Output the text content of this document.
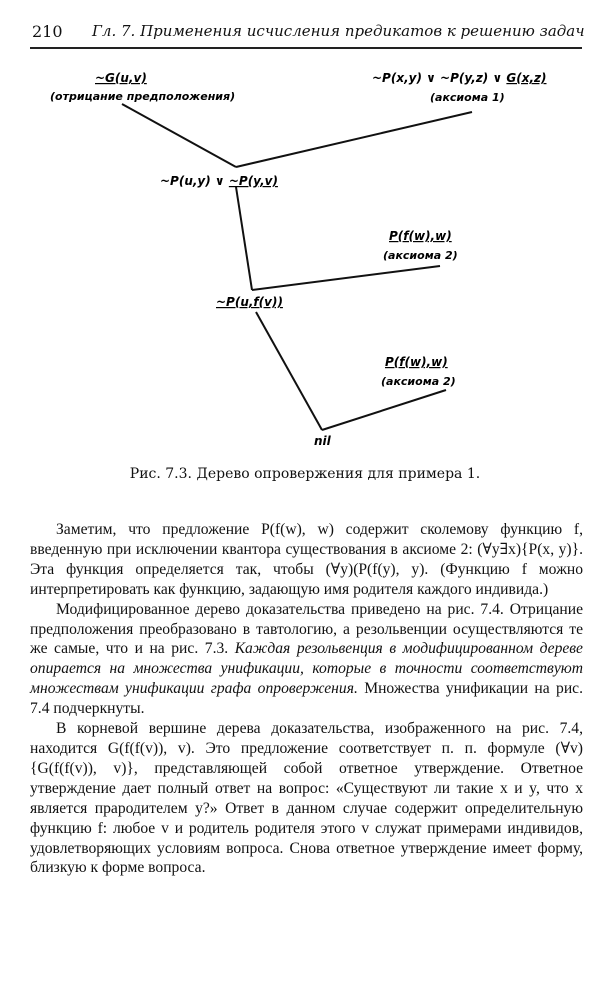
210 Гл. 7. Применения исчисления предикатов к решению задач
~G(u,v)
(отрицание предположения)
~P(x,y) ∨ ~P(y,z) ∨ G(x,z)
(аксиома 1)
~P(u,y) ∨ ~P(y,v)
P(f(w),w)
(аксиома 2)
~P(u,f(v))
P(f(w),w)
(аксиома 2)
nil
Рис. 7.3. Дерево опровержения для примера 1.

Заметим, что предложение P(f(w), w) содержит сколемову функцию f, введенную при исключении квантора существования в аксиоме 2: (∀y∃x){P(x, y)}. Эта функция определяется так, чтобы (∀y)(P(f(y), y). (Функцию f можно интерпретировать как функцию, задающую имя родителя каждого индивида.)

Модифицированное дерево доказательства приведено на рис. 7.4. Отрицание предположения преобразовано в тавтологию, а резольвенции осуществляются те же самые, что и на рис. 7.3. Каждая резольвенция в модифицированном дереве опирается на множества унификации, которые в точности соответствуют множествам унификации графа опровержения. Множества унификации на рис. 7.4 подчеркнуты.

В корневой вершине дерева доказательства, изображенного на рис. 7.4, находится G(f(f(v)), v). Это предложение соответствует п. п. формуле (∀v){G(f(f(v)), v)}, представляющей собой ответное утверждение. Ответное утверждение дает полный ответ на вопрос: «Существуют ли такие x и y, что x является прародителем y?» Ответ в данном случае содержит определительную функцию f: любое v и родитель родителя этого v служат примерами индивидов, удовлетворяющих условиям вопроса. Снова ответное утверждение имеет форму, близкую к форме вопроса.
